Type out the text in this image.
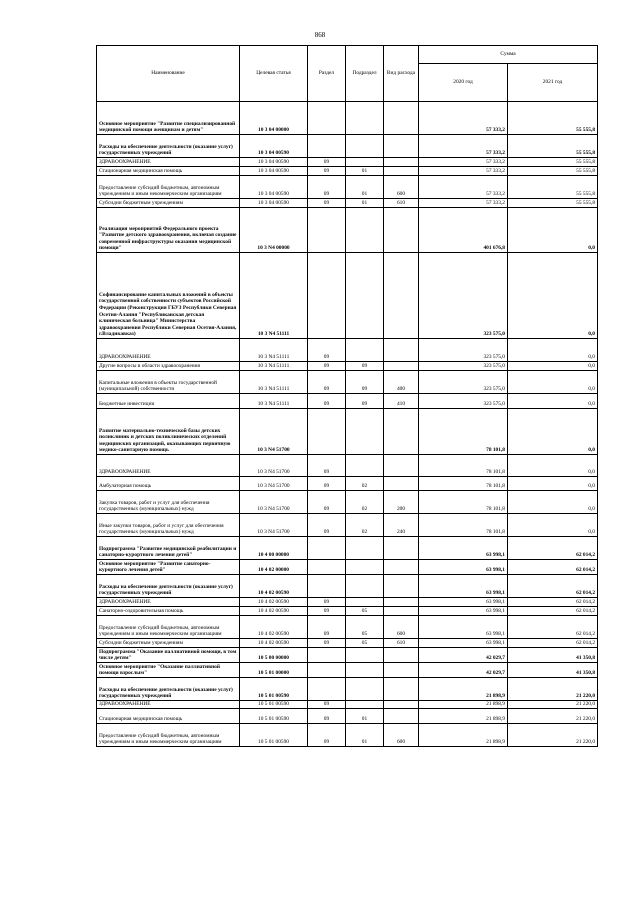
868
Наименование	Целевая статья	Раздел	Подраздел	Вид расхода	Сумма	
					2020 год	2021 год
Основное мероприятие "Развитие специализированной медицинской помощи женщинам и детям"	10 3 04 00000				57 333,2	55 555,8
Расходы на обеспечение деятельности (оказание услуг) государственных учреждений	10 3 04 00590				57 333,2	55 555,8
ЗДРАВООХРАНЕНИЕ	10 3 04 00590	09			57 333,2	55 555,8
Стационарная медицинская помощь	10 3 04 00590	09	01		57 333,2	55 555,8
Предоставление субсидий бюджетным, автономным учреждениям и иным некоммерческим организациям	10 3 04 00590	09	01	600	57 333,2	55 555,8
Субсидии бюджетным учреждениям	10 3 04 00590	09	01	610	57 333,2	55 555,8
Реализация мероприятий Федерального проекта "Развитие детского здравоохранения, включая создание современной инфраструктуры оказания медицинской помощи"	10 3 N4 00000				401 676,8	0,0
Софинансирование капитальных вложений в объекты государственной собственности субъектов Российской Федерации (Реконструкция ГБУЗ Республики Северная Осетия-Алания "Республиканская детская клиническая больница" Министерства здравоохранения Республики Северная Осетия-Алания, г.Владикавказ)	10 3 N4 51111				323 575,0	0,0
ЗДРАВООХРАНЕНИЕ	10 3 N4 51111	09			323 575,0	0,0
Другие вопросы в области здравоохранения	10 3 N4 51111	09	09		323 575,0	0,0
Капитальные вложения в объекты государственной (муниципальной) собственности	10 3 N4 51111	09	09	400	323 575,0	0,0
Бюджетные инвестиции	10 3 N4 51111	09	09	410	323 575,0	0,0
Развитие материально-технической базы детских поликлиник и детских поликлинических отделений медицинских организаций, оказывающих первичную медико-санитарную помощь	10 3 N4 51700				78 101,8	0,0
ЗДРАВООХРАНЕНИЕ	10 3 N4 51700	09			78 101,8	0,0
Амбулаторная помощь	10 3 N4 51700	09	02		78 101,8	0,0
Закупка товаров, работ и услуг для обеспечения государственных (муниципальных) нужд	10 3 N4 51700	09	02	200	78 101,8	0,0
Иные закупки товаров, работ и услуг для обеспечения государственных (муниципальных) нужд	10 3 N4 51700	09	02	240	78 101,8	0,0
Подпрограмма "Развитие медицинской реабилитации и санаторно-курортного лечения детей"	10 4 00 00000				63 998,1	62 014,2
Основное мероприятие "Развитие санаторно-курортного лечения детей"	10 4 02 00000				63 998,1	62 014,2
Расходы на обеспечение деятельности (оказание услуг) государственных учреждений	10 4 02 00590				63 998,1	62 014,2
ЗДРАВООХРАНЕНИЕ	10 4 02 00590	09			63 998,1	62 014,2
Санаторно-оздоровительная помощь	10 4 02 00590	09	05		63 998,1	62 014,2
Предоставление субсидий бюджетным, автономным учреждениям и иным некоммерческим организациям	10 4 02 00590	09	05	600	63 998,1	62 014,2
Субсидии бюджетным учреждениям	10 4 02 00590	09	05	610	63 998,1	62 014,2
Подпрограмма "Оказание паллиативной помощи, в том числе детям"	10 5 00 00000				42 029,7	41 350,8
Основное мероприятие "Оказание паллиативной помощи взрослым"	10 5 01 00000				42 029,7	41 350,8
Расходы на обеспечение деятельности (оказание услуг) государственных учреждений	10 5 01 00590				21 898,9	21 220,0
ЗДРАВООХРАНЕНИЕ	10 5 01 00590	09			21 898,9	21 220,0
Стационарная медицинская помощь	10 5 01 00590	09	01		21 898,9	21 220,0
Предоставление субсидий бюджетным, автономным учреждениям и иным некоммерческим организациям	10 5 01 00590	09	01	600	21 898,9	21 220,0
